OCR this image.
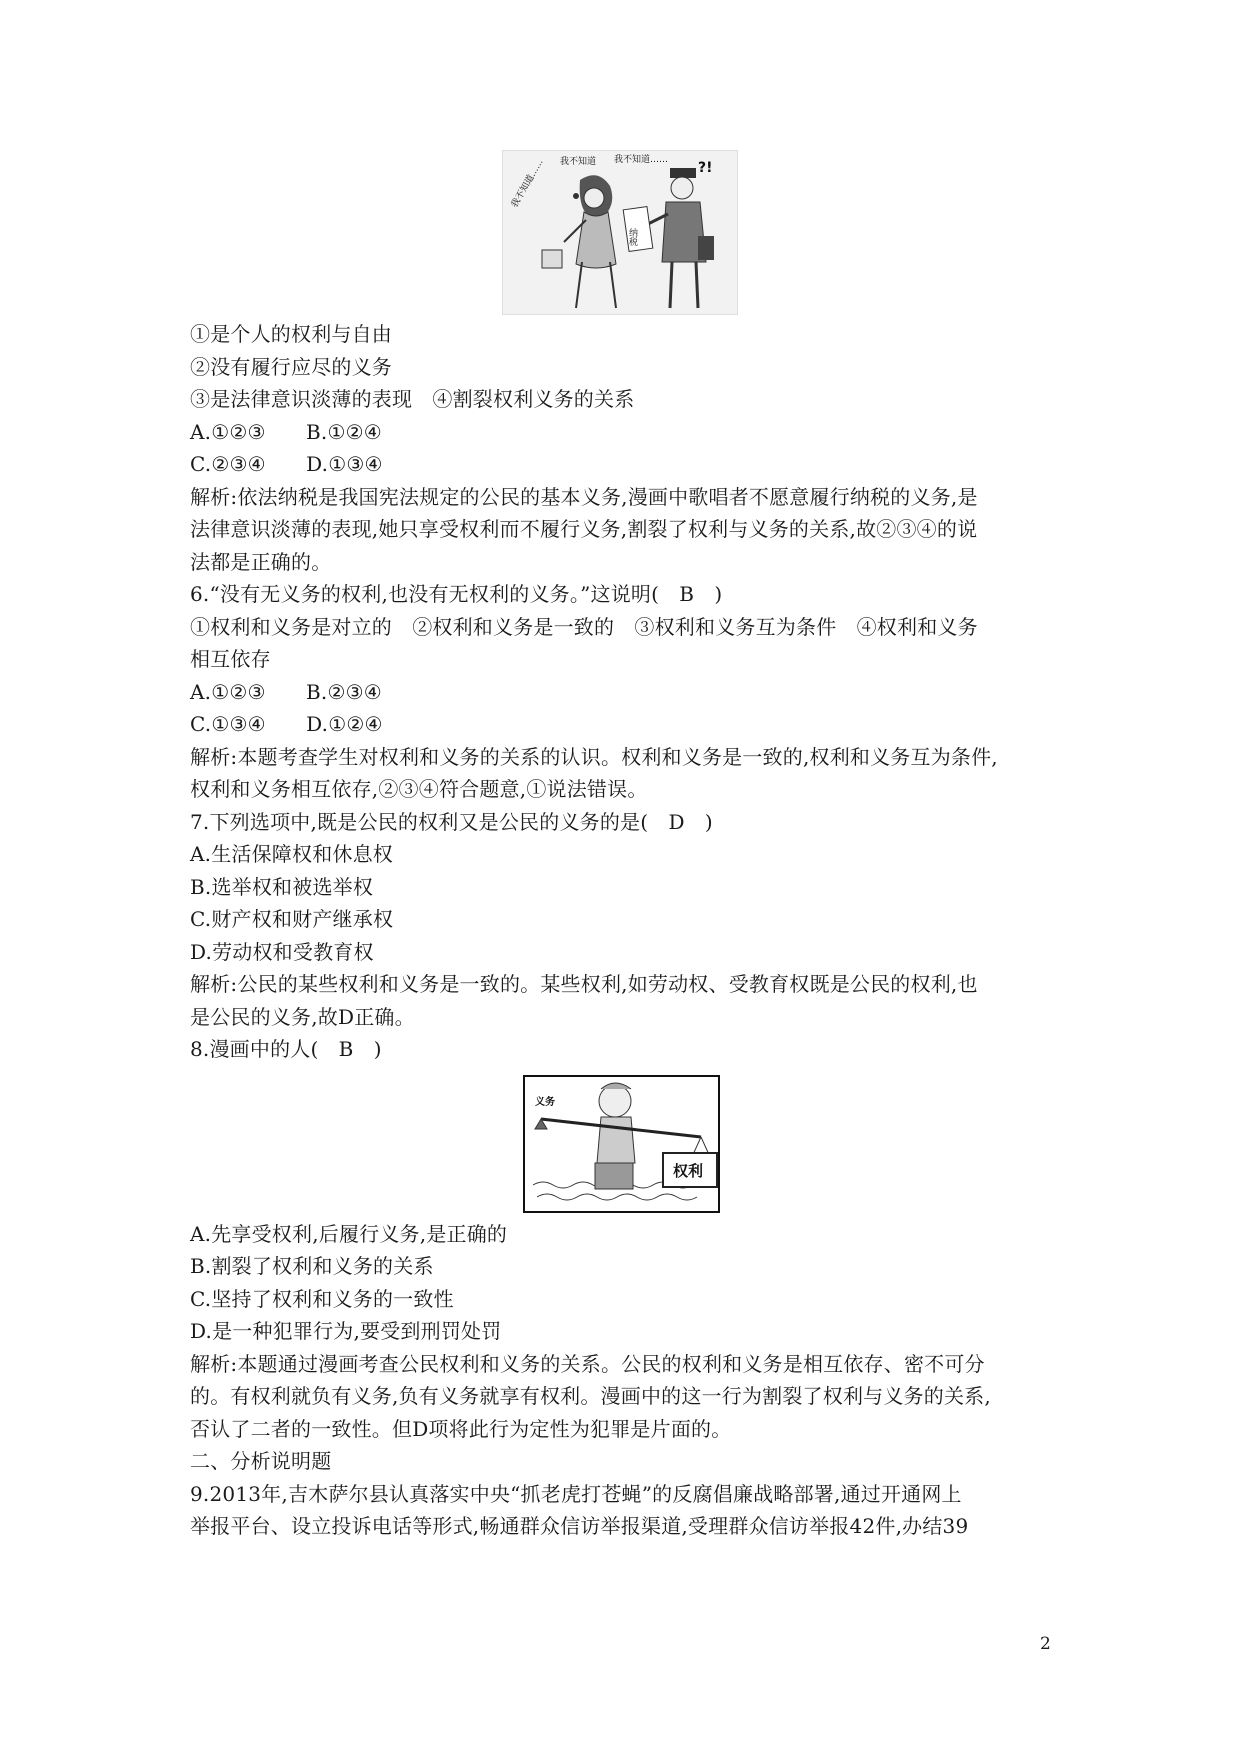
我不知道 我不知道……
我不知道……	?!
纳税
①是个人的权利与自由
②没有履行应尽的义务
③是法律意识淡薄的表现　④割裂权利义务的关系
A.①②③　　B.①②④
C.②③④　　D.①③④
解析:依法纳税是我国宪法规定的公民的基本义务,漫画中歌唱者不愿意履行纳税的义务,是
法律意识淡薄的表现,她只享受权利而不履行义务,割裂了权利与义务的关系,故②③④的说
法都是正确的。
6.“没有无义务的权利,也没有无权利的义务。”这说明(　B　)
①权利和义务是对立的　②权利和义务是一致的　③权利和义务互为条件　④权利和义务
相互依存
A.①②③　　B.②③④
C.①③④　　D.①②④
解析:本题考查学生对权利和义务的关系的认识。权利和义务是一致的,权利和义务互为条件,
权利和义务相互依存,②③④符合题意,①说法错误。
7.下列选项中,既是公民的权利又是公民的义务的是(　D　)
A.生活保障权和休息权
B.选举权和被选举权
C.财产权和财产继承权
D.劳动权和受教育权
解析:公民的某些权利和义务是一致的。某些权利,如劳动权、受教育权既是公民的权利,也
是公民的义务,故D正确。
8.漫画中的人(　B　)
A.先享受权利,后履行义务,是正确的
B.割裂了权利和义务的关系
C.坚持了权利和义务的一致性
D.是一种犯罪行为,要受到刑罚处罚
解析:本题通过漫画考查公民权利和义务的关系。公民的权利和义务是相互依存、密不可分
的。有权利就负有义务,负有义务就享有权利。漫画中的这一行为割裂了权利与义务的关系,
否认了二者的一致性。但D项将此行为定性为犯罪是片面的。
二、分析说明题
9.2013年,吉木萨尔县认真落实中央“抓老虎打苍蝇”的反腐倡廉战略部署,通过开通网上
举报平台、设立投诉电话等形式,畅通群众信访举报渠道,受理群众信访举报42件,办结39
义务
权利
2
